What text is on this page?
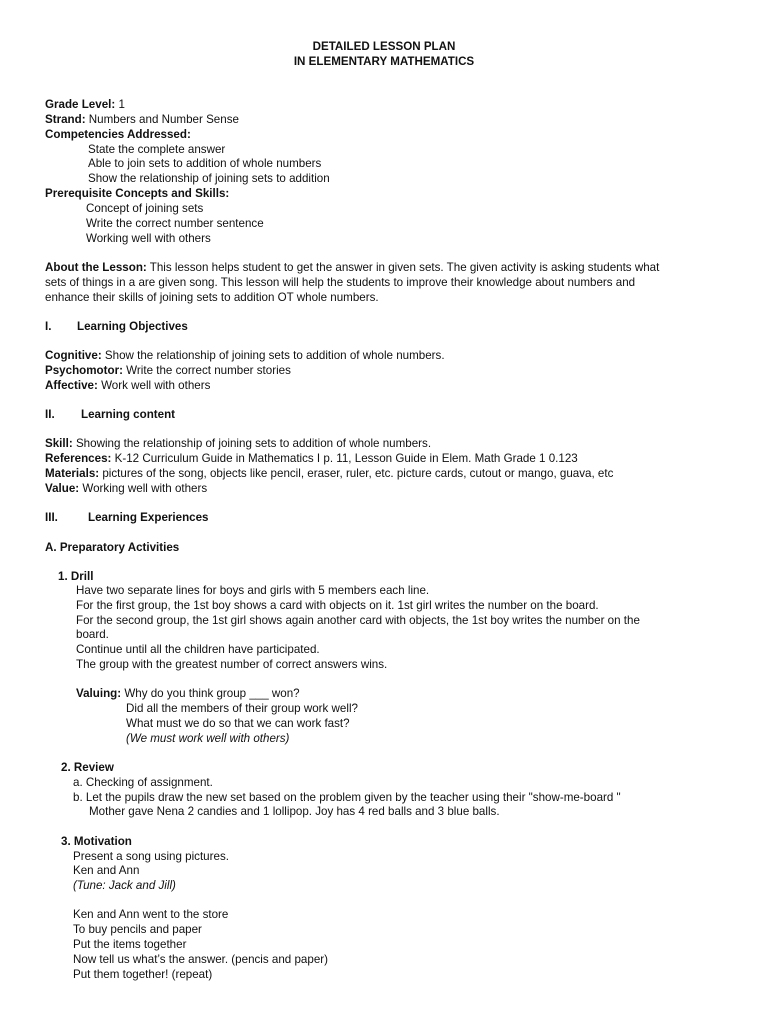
DETAILED LESSON PLAN
IN ELEMENTARY MATHEMATICS
Grade Level: 1
Strand: Numbers and Number Sense
Competencies Addressed:
State the complete answer
Able to join sets to addition of whole numbers
Show the relationship of joining sets to addition
Prerequisite Concepts and Skills:
Concept of joining sets
Write the correct number sentence
Working well with others
About the Lesson: This lesson helps student to get the answer in given sets. The given activity is asking students what
sets of things in a are given song. This lesson will help the students to improve their knowledge about numbers and
enhance their skills of joining sets to addition OT whole numbers.
I. Learning Objectives
Cognitive: Show the relationship of joining sets to addition of whole numbers.
Psychomotor: Write the correct number stories
Affective: Work well with others
II. Learning content
Skill: Showing the relationship of joining sets to addition of whole numbers.
References: K-12 Curriculum Guide in Mathematics I p. 11, Lesson Guide in Elem. Math Grade 1 0.123
Materials: pictures of the song, objects like pencil, eraser, ruler, etc. picture cards, cutout or mango, guava, etc
Value: Working well with others
III.	Learning Experiences
A. Preparatory Activities
1. Drill
Have two separate lines for boys and girls with 5 members each line.
For the first group, the 1st boy shows a card with objects on it. 1st girl writes the number on the board.
For the second group, the 1st girl shows again another card with objects, the 1st boy writes the number on the
board.
Continue until all the children have participated.
The group with the greatest number of correct answers wins.
Valuing: Why do you think group ___ won?
Did all the members of their group work well?
What must we do so that we can work fast?
(We must work well with others)
2. Review
a. Checking of assignment.
b. Let the pupils draw the new set based on the problem given by the teacher using their "show-me-board "
Mother gave Nena 2 candies and 1 lollipop. Joy has 4 red balls and 3 blue balls.
3. Motivation
Present a song using pictures.
Ken and Ann
(Tune: Jack and Jill)
Ken and Ann went to the store
To buy pencils and paper
Put the items together
Now tell us what’s the answer. (pencis and paper)
Put them together! (repeat)
